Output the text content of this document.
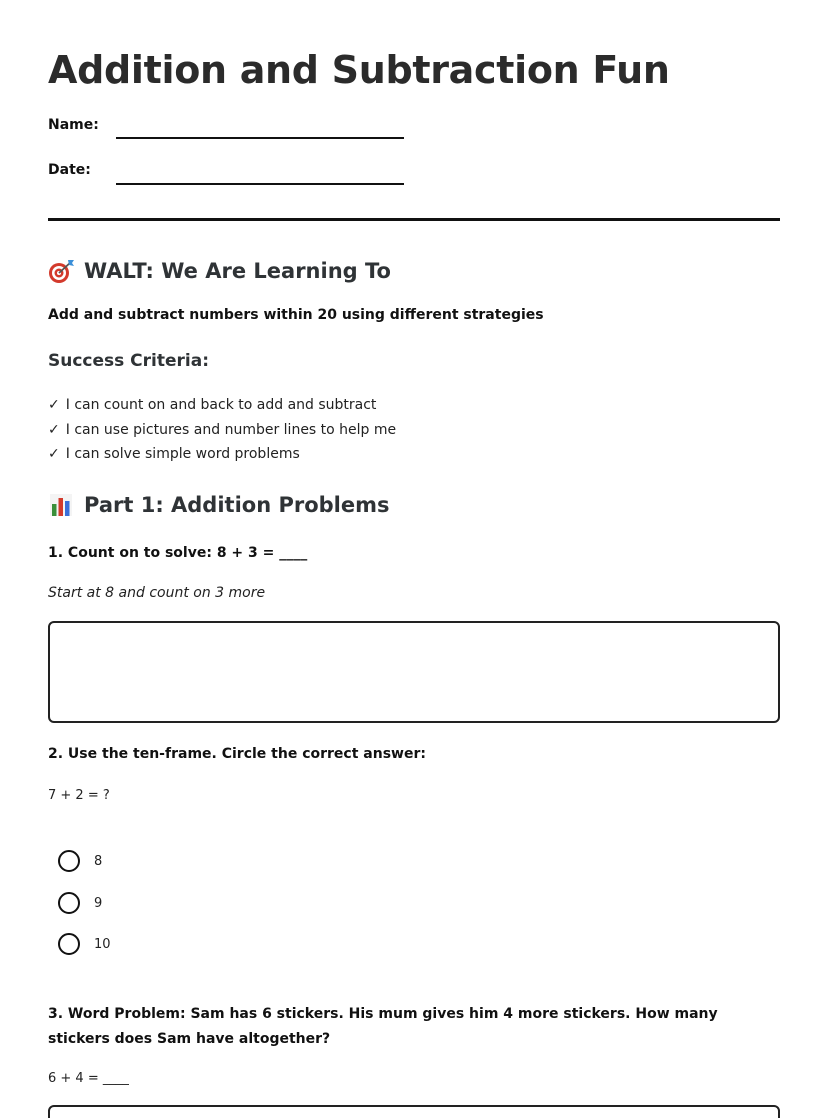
Addition and Subtraction Fun
Name:
Date:
WALT: We Are Learning To
Add and subtract numbers within 20 using different strategies
Success Criteria:
✓ I can count on and back to add and subtract
✓ I can use pictures and number lines to help me
✓ I can solve simple word problems
Part 1: Addition Problems
1. Count on to solve: 8 + 3 = ____
Start at 8 and count on 3 more
2. Use the ten-frame. Circle the correct answer:
7 + 2 = ?
8
9
10
3. Word Problem: Sam has 6 stickers. His mum gives him 4 more stickers. How many stickers does Sam have altogether?
6 + 4 = ____
